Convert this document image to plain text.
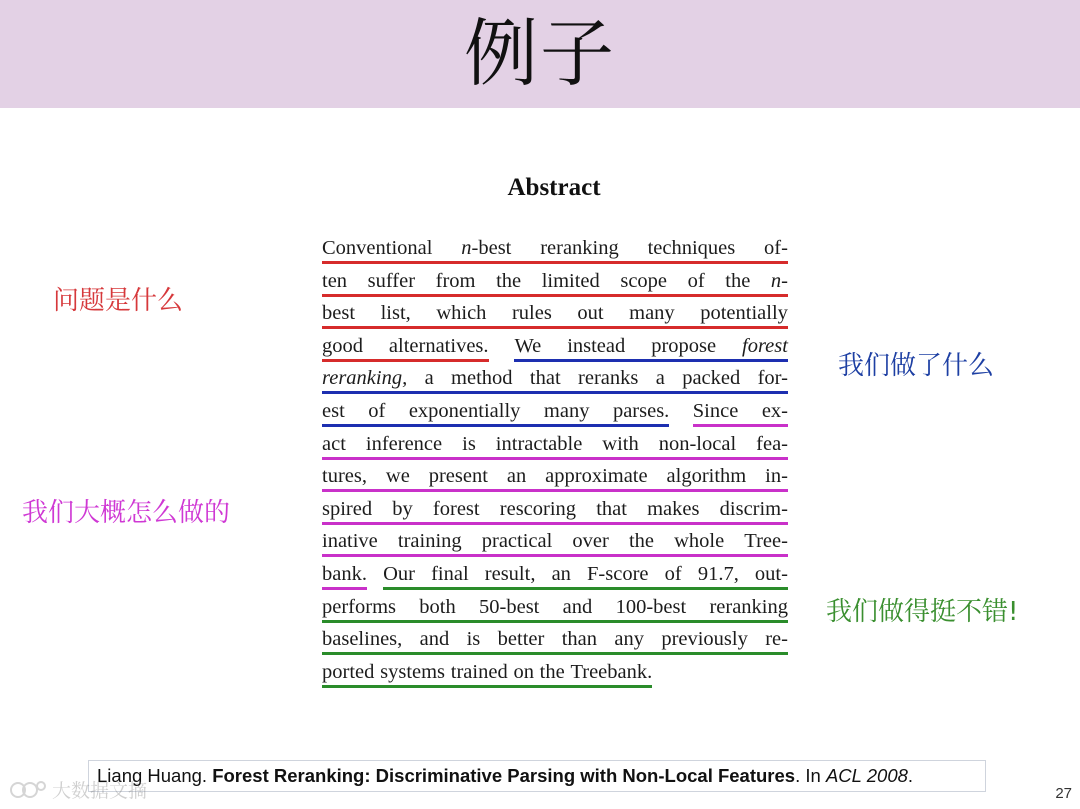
例子
Abstract
Conventional n-best reranking techniques of-
ten suffer from the limited scope of the n-
best list, which rules out many potentially
good alternatives. We instead propose forest
reranking, a method that reranks a packed for-
est of exponentially many parses. Since ex-
act inference is intractable with non-local fea-
tures, we present an approximate algorithm in-
spired by forest rescoring that makes discrim-
inative training practical over the whole Tree-
bank. Our final result, an F-score of 91.7, out-
performs both 50-best and 100-best reranking
baselines, and is better than any previously re-
ported systems trained on the Treebank.
问题是什么
我们做了什么
我们大概怎么做的
我们做得挺不错!
Liang Huang. Forest Reranking: Discriminative Parsing with Non-Local Features. In ACL 2008.
大数据文摘	27
